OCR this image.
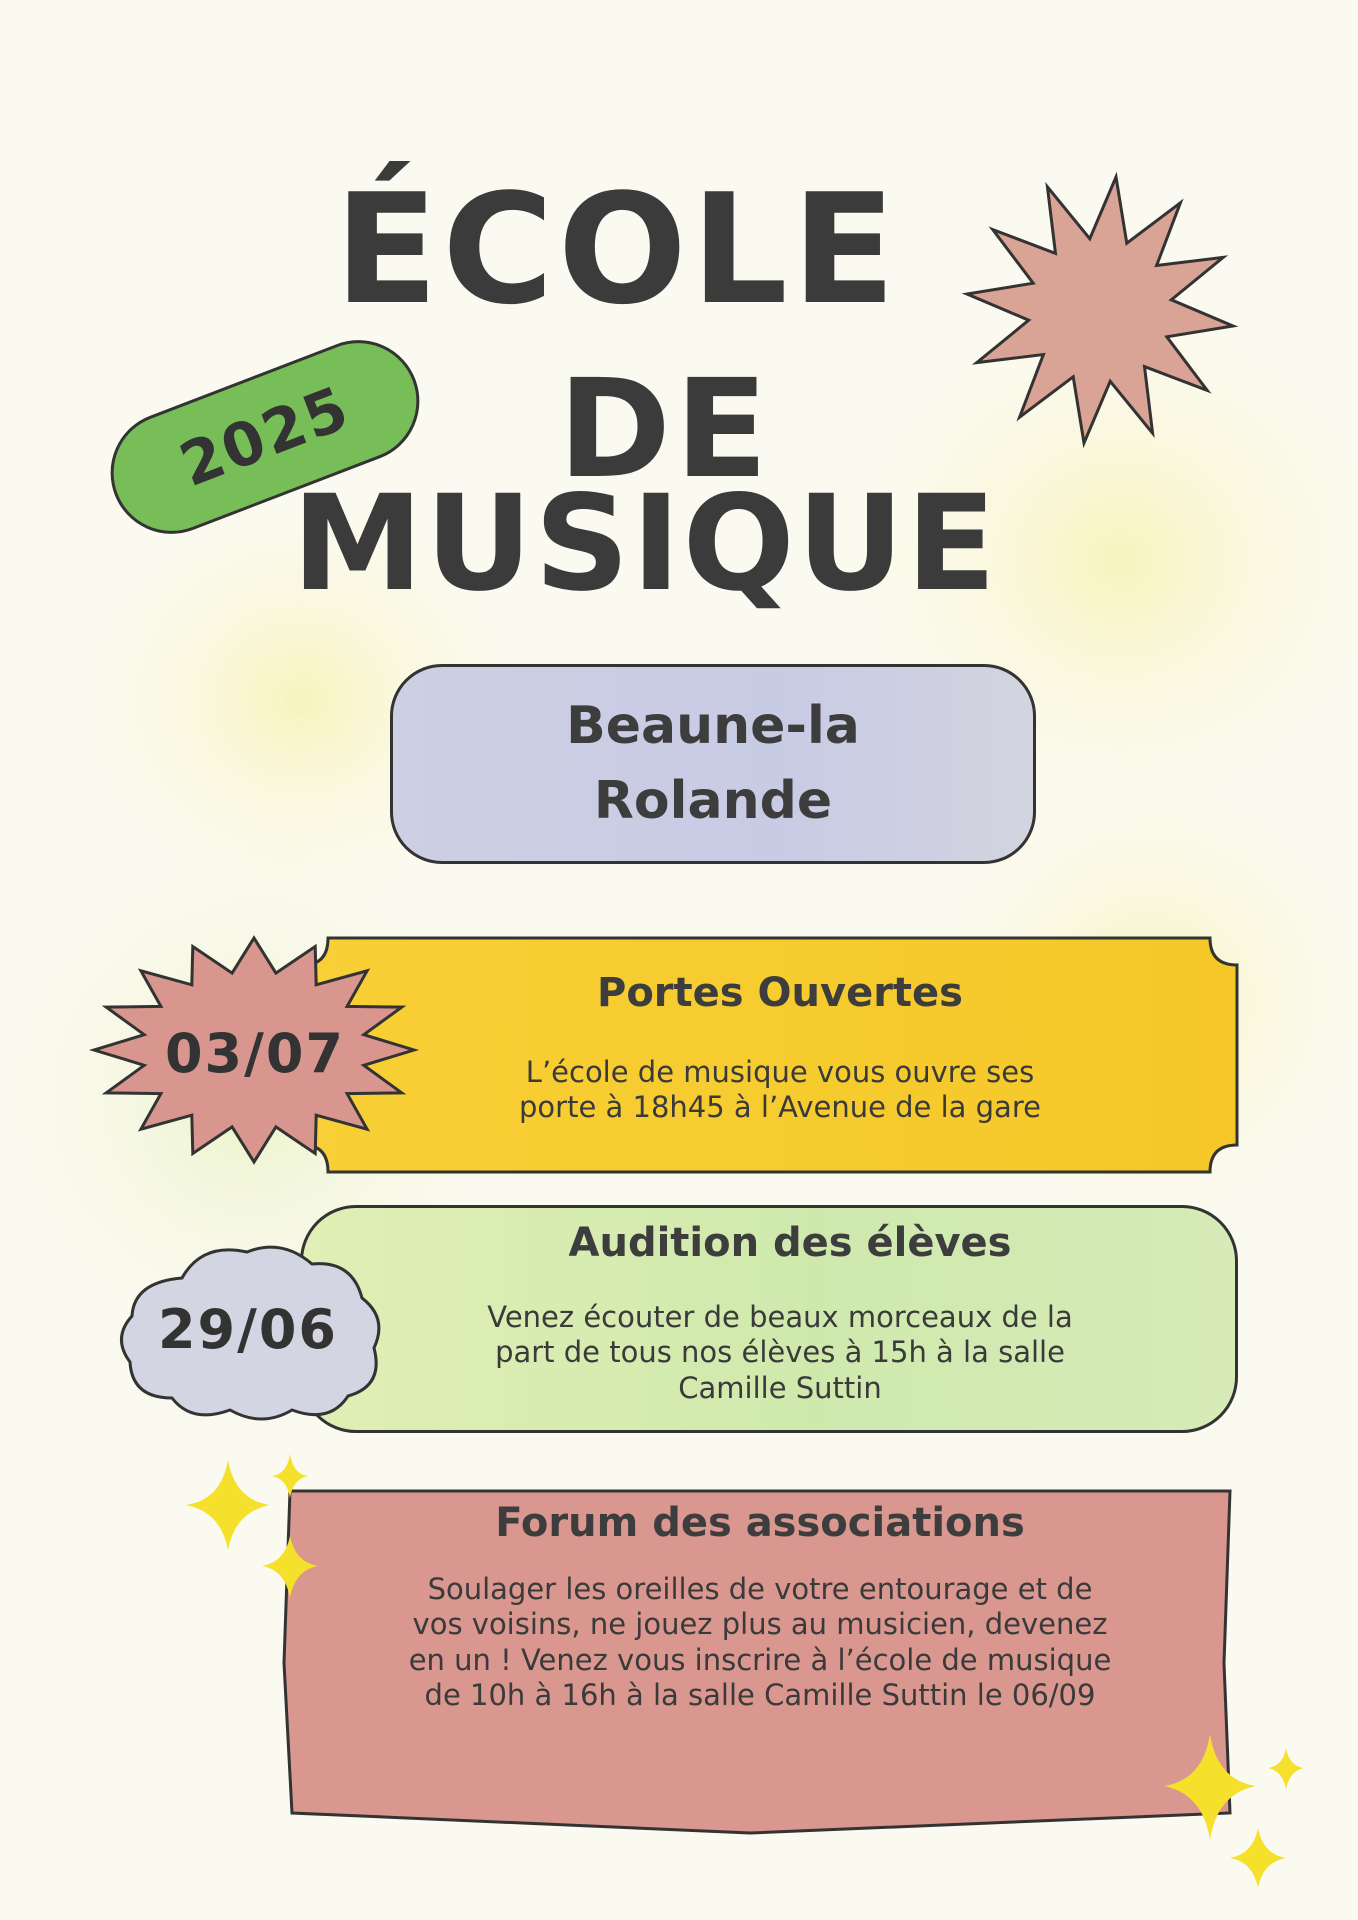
ÉCOLE
DE
MUSIQUE
2025
Beaune-la
Rolande
03/07
Portes Ouvertes
L’école de musique vous ouvre ses
porte à 18h45 à l’Avenue de la gare
29/06
Audition des élèves
Venez écouter de beaux morceaux de la
part de tous nos élèves à 15h à la salle
Camille Suttin
Forum des associations
Soulager les oreilles de votre entourage et de
vos voisins, ne jouez plus au musicien, devenez
en un ! Venez vous inscrire à l’école de musique
de 10h à 16h à la salle Camille Suttin le 06/09
